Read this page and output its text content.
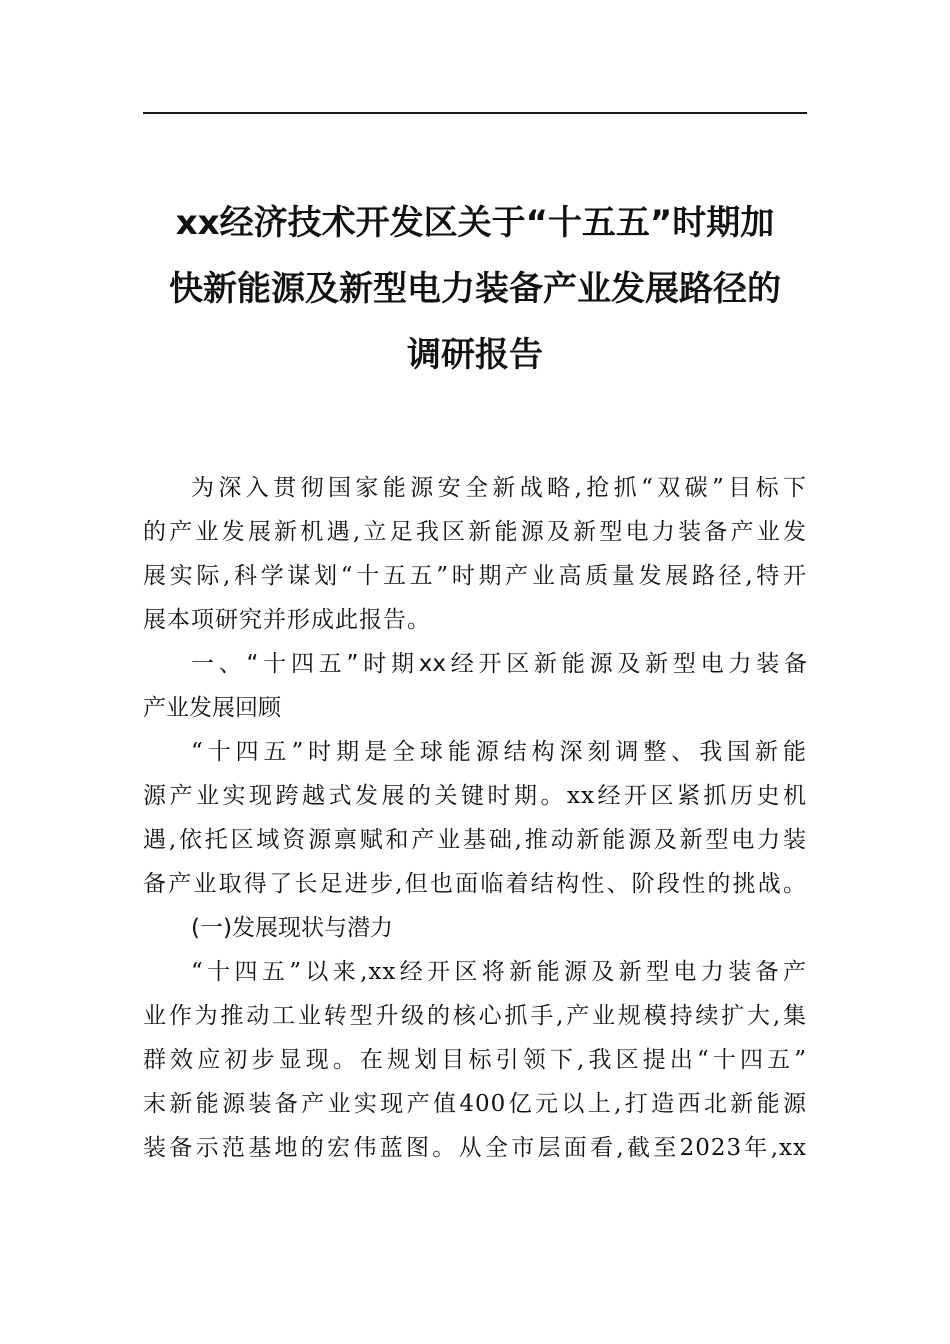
xx经济技术开发区关于“十五五”时期加
快新能源及新型电力装备产业发展路径的
调研报告
为深入贯彻国家能源安全新战略,抢抓“双碳”目标下
的产业发展新机遇,立足我区新能源及新型电力装备产业发
展实际,科学谋划“十五五”时期产业高质量发展路径,特开
展本项研究并形成此报告。
一、“十四五”时期xx经开区新能源及新型电力装备
产业发展回顾
“十四五”时期是全球能源结构深刻调整、我国新能
源产业实现跨越式发展的关键时期。xx经开区紧抓历史机
遇,依托区域资源禀赋和产业基础,推动新能源及新型电力装
备产业取得了长足进步,但也面临着结构性、阶段性的挑战。
(一)发展现状与潜力
“十四五”以来,xx经开区将新能源及新型电力装备产
业作为推动工业转型升级的核心抓手,产业规模持续扩大,集
群效应初步显现。在规划目标引领下,我区提出“十四五”
末新能源装备产业实现产值400亿元以上,打造西北新能源
装备示范基地的宏伟蓝图。从全市层面看,截至2023年,xx
